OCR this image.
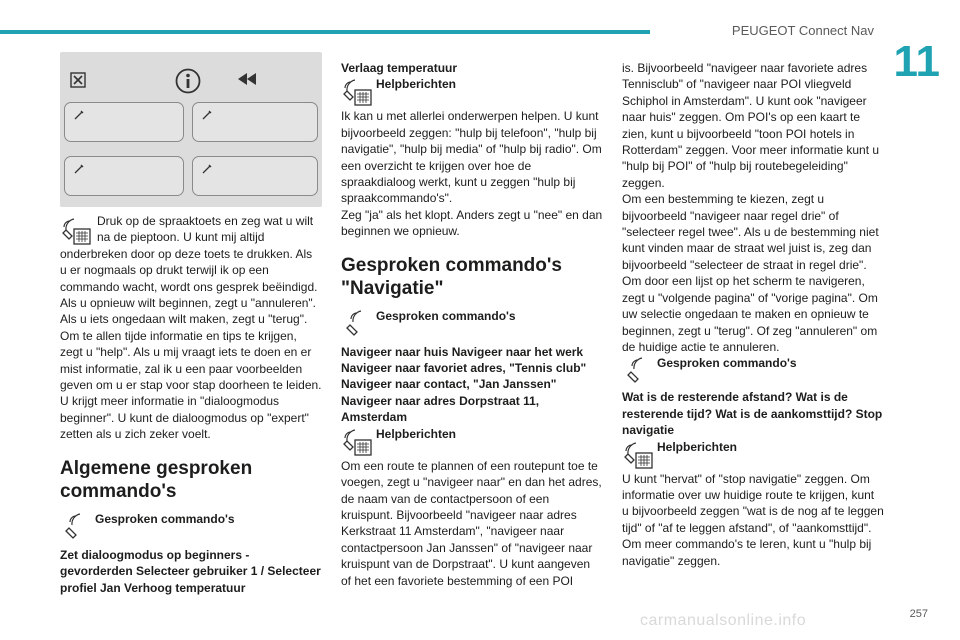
PEUGEOT Connect Nav
11
257
carmanualsonline.info

Druk op de spraaktoets en zeg wat u wilt na de pieptoon. U kunt mij altijd

onderbreken door op deze toets te drukken. Als u er nogmaals op drukt terwijl ik op een commando wacht, wordt ons gesprek beëindigd. Als u opnieuw wilt beginnen, zegt u "annuleren". Als u iets ongedaan wilt maken, zegt u "terug". Om te allen tijde informatie en tips te krijgen, zegt u "help". Als u mij vraagt iets te doen en er mist informatie, zal ik u een paar voorbeelden geven om u er stap voor stap doorheen te leiden. U krijgt meer informatie in "dialoogmodus beginner". U kunt de dialoogmodus op "expert" zetten als u zich zeker voelt.

Algemene gesproken commando's
Gesproken commando's

Zet dialoogmodus op beginners - gevorderden Selecteer gebruiker 1 / Selecteer profiel Jan Verhoog temperatuur

Verlaag temperatuur

Helpberichten

Ik kan u met allerlei onderwerpen helpen. U kunt bijvoorbeeld zeggen: "hulp bij telefoon", "hulp bij navigatie", "hulp bij media" of "hulp bij radio". Om een overzicht te krijgen over hoe de spraakdialoog werkt, kunt u zeggen "hulp bij spraakcommando's".

Zeg "ja" als het klopt. Anders zegt u "nee" en dan beginnen we opnieuw.

Gesproken commando's "Navigatie"
Gesproken commando's

Navigeer naar huis Navigeer naar het werk Navigeer naar favoriet adres, "Tennis club" Navigeer naar contact, "Jan Janssen" Navigeer naar adres Dorpstraat 11, Amsterdam

Helpberichten

Om een route te plannen of een routepunt toe te voegen, zegt u "navigeer naar" en dan het adres, de naam van de contactpersoon of een kruispunt. Bijvoorbeeld "navigeer naar adres Kerkstraat 11 Amsterdam", "navigeer naar contactpersoon Jan Janssen" of "navigeer naar kruispunt van de Dorpstraat". U kunt aangeven of het een favoriete bestemming of een POI

is. Bijvoorbeeld "navigeer naar favoriete adres Tennisclub" of "navigeer naar POI vliegveld Schiphol in Amsterdam". U kunt ook "navigeer naar huis" zeggen. Om POI's op een kaart te zien, kunt u bijvoorbeeld "toon POI hotels in Rotterdam" zeggen. Voor meer informatie kunt u "hulp bij POI" of "hulp bij routebegeleiding" zeggen.

Om een bestemming te kiezen, zegt u bijvoorbeeld "navigeer naar regel drie" of "selecteer regel twee". Als u de bestemming niet kunt vinden maar de straat wel juist is, zeg dan bijvoorbeeld "selecteer de straat in regel drie". Om door een lijst op het scherm te navigeren, zegt u "volgende pagina" of "vorige pagina". Om uw selectie ongedaan te maken en opnieuw te beginnen, zegt u "terug". Of zeg "annuleren" om de huidige actie te annuleren.

Gesproken commando's

Wat is de resterende afstand? Wat is de resterende tijd? Wat is de aankomsttijd? Stop navigatie

Helpberichten

U kunt "hervat" of "stop navigatie" zeggen. Om informatie over uw huidige route te krijgen, kunt u bijvoorbeeld zeggen "wat is de nog af te leggen tijd" of "af te leggen afstand", of "aankomsttijd". Om meer commando's te leren, kunt u "hulp bij navigatie" zeggen.
